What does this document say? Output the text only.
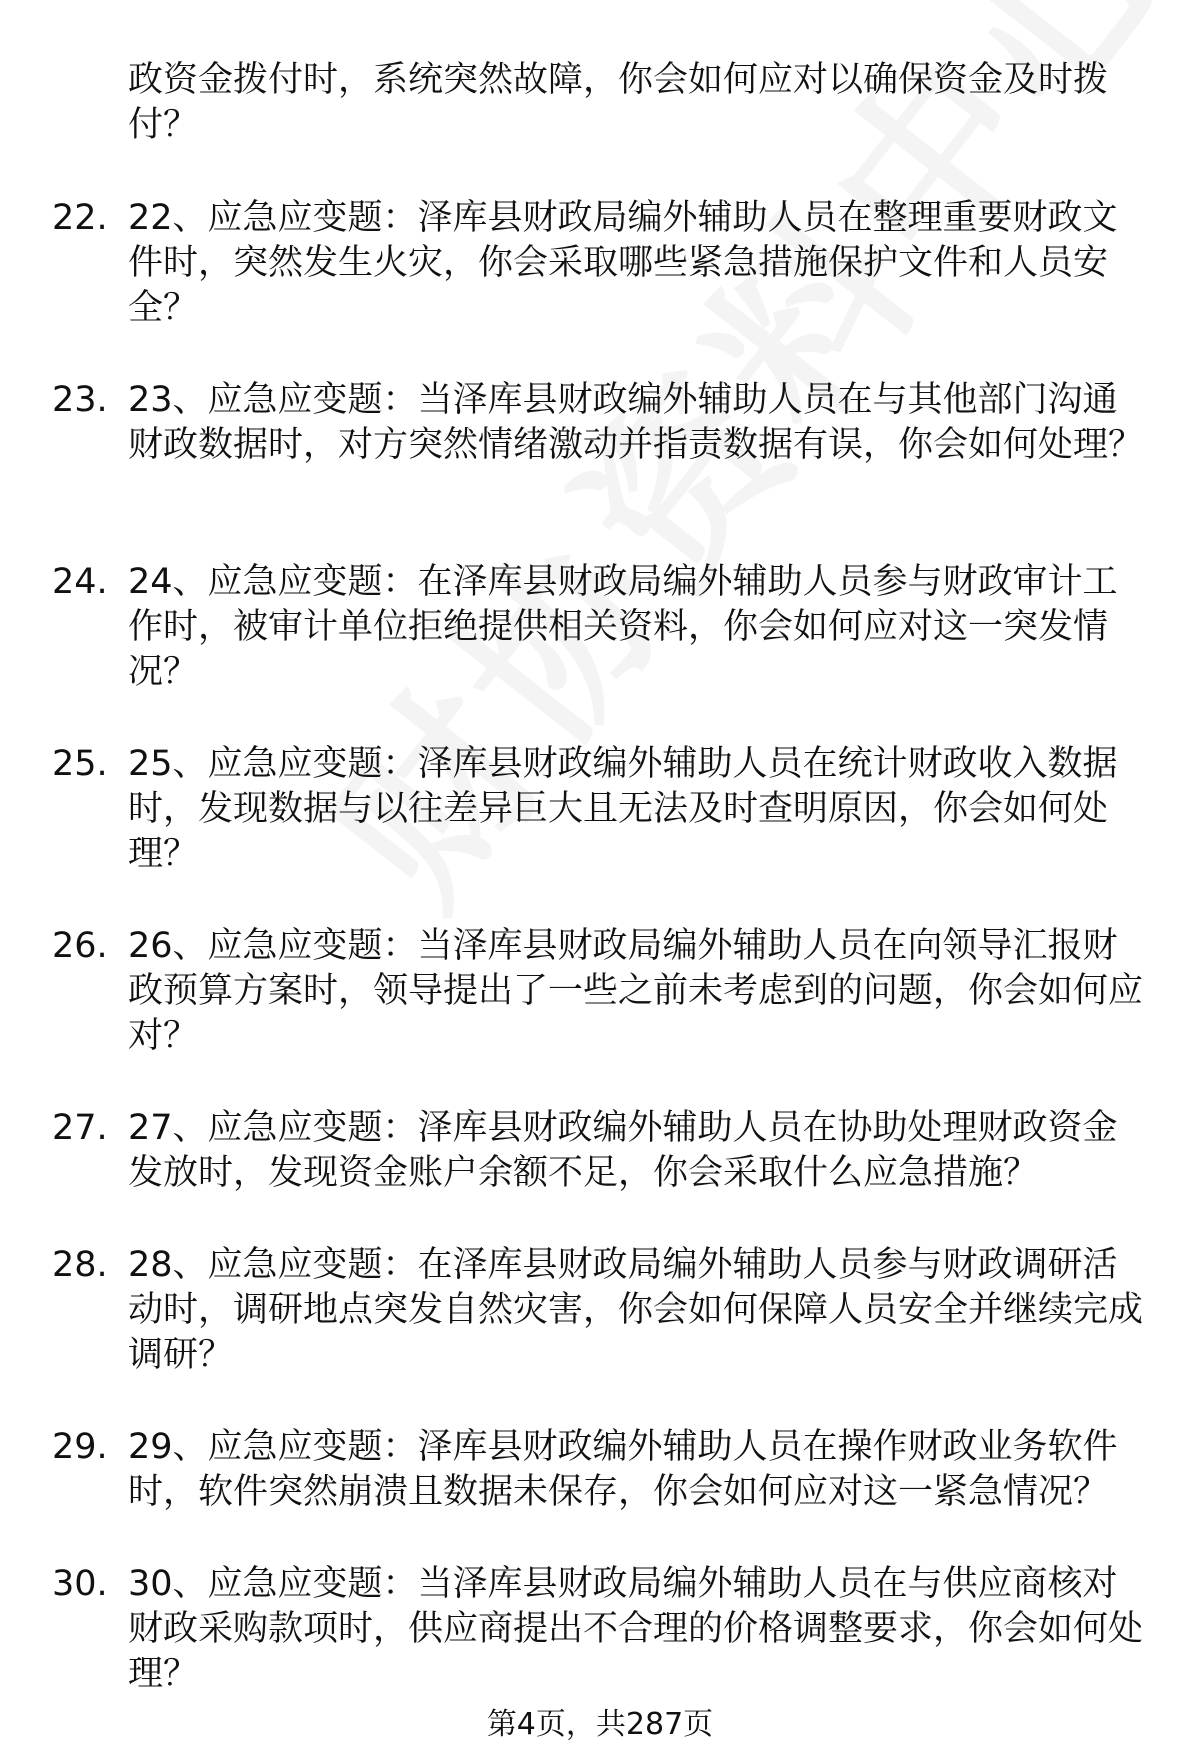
政资金拨付时，系统突然故障，你会如何应对以确保资金及时拨付？
22. 22、应急应变题：泽库县财政局编外辅助人员在整理重要财政文件时，突然发生火灾，你会采取哪些紧急措施保护文件和人员安全？
23. 23、应急应变题：当泽库县财政编外辅助人员在与其他部门沟通财政数据时，对方突然情绪激动并指责数据有误，你会如何处理？
24. 24、应急应变题：在泽库县财政局编外辅助人员参与财政审计工作时，被审计单位拒绝提供相关资料，你会如何应对这一突发情况？
25. 25、应急应变题：泽库县财政编外辅助人员在统计财政收入数据时，发现数据与以往差异巨大且无法及时查明原因，你会如何处理？
26. 26、应急应变题：当泽库县财政局编外辅助人员在向领导汇报财政预算方案时，领导提出了一些之前未考虑到的问题，你会如何应对？
27. 27、应急应变题：泽库县财政编外辅助人员在协助处理财政资金发放时，发现资金账户余额不足，你会采取什么应急措施？
28. 28、应急应变题：在泽库县财政局编外辅助人员参与财政调研活动时，调研地点突发自然灾害，你会如何保障人员安全并继续完成调研？
29. 29、应急应变题：泽库县财政编外辅助人员在操作财政业务软件时，软件突然崩溃且数据未保存，你会如何应对这一紧急情况？
30. 30、应急应变题：当泽库县财政局编外辅助人员在与供应商核对财政采购款项时，供应商提出不合理的价格调整要求，你会如何处理？
第4页，共287页
